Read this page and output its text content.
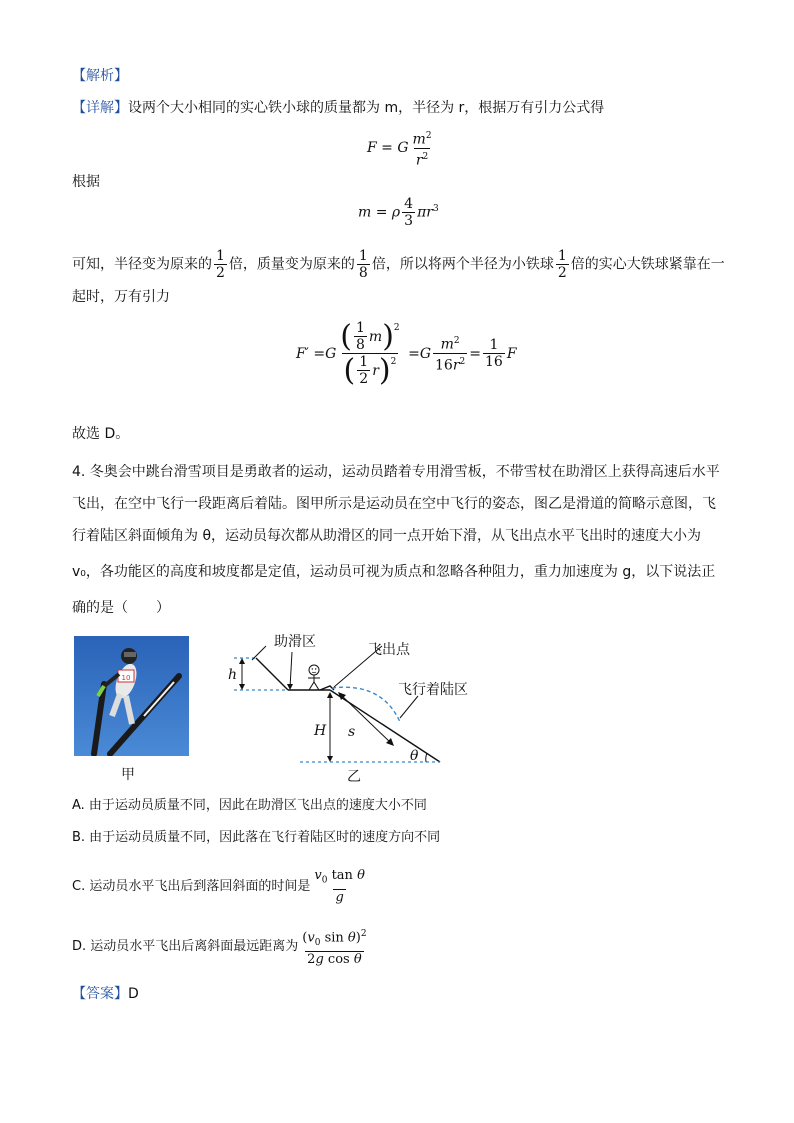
【解析】
【详解】设两个大小相同的实心铁小球的质量都为 m，半径为 r，根据万有引力公式得
F = G $\frac{m^2}{r^2}$
根据
m = ρ $\frac{4}{3} \pi r^3$
可知，半径变为原来的 $\frac{1}{2}$ 倍，质量变为原来的 $\frac{1}{8}$ 倍，所以将两个半径为小铁球 $\frac{1}{2}$ 倍的实心大铁球紧靠在一
起时，万有引力
F ′ = G $\frac{( \frac{1}{8} m )^2}{( \frac{1}{2} r )^2} = G \frac{m^2}{16r^2} = \frac{1}{16}$ F
故选 D。
4. 冬奥会中跳台滑雪项目是勇敢者的运动，运动员踏着专用滑雪板，不带雪杖在助滑区上获得高速后水平
飞出，在空中飞行一段距离后着陆。图甲所示是运动员在空中飞行的姿态，图乙是滑道的简略示意图，飞
行着陆区斜面倾角为 θ，运动员每次都从助滑区的同一点开始下滑，从飞出点水平飞出时的速度大小为
v₀，各功能区的高度和坡度都是定值，运动员可视为质点和忽略各种阻力，重力加速度为 g，以下说法正
确的是（　　）
10
甲
助滑区	飞出点
飞行着陆区
h
H s
θ
乙
A. 由于运动员质量不同，因此在助滑区飞出点的速度大小不同
B. 由于运动员质量不同，因此落在飞行着陆区时的速度方向不同
C. 运动员水平飞出后到落回斜面的时间是 $\frac{v_0 \tan \theta}{g}$
D. 运动员水平飞出后离斜面最远距离为 $\frac{(v_0 \sin \theta)^2}{\text{2g cos θ}}$
【答案】D
